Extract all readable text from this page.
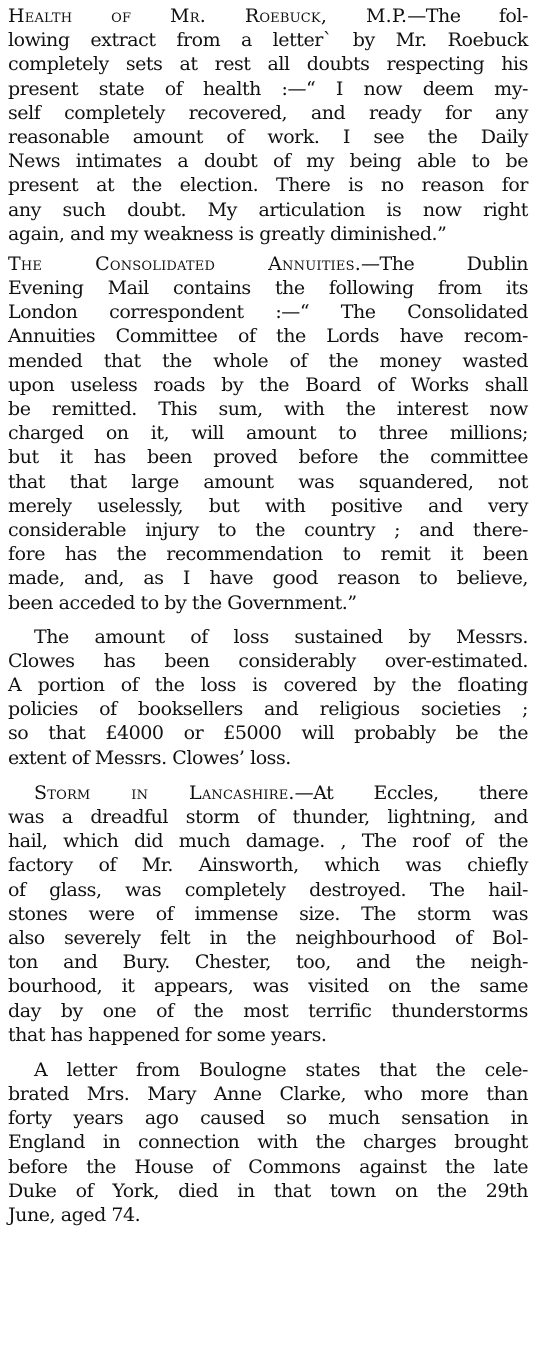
Health of Mr. Roebuck, M.P.—The fol-
lowing extract from a letter` by Mr. Roebuck
completely sets at rest all doubts respecting his
present state of health :—“ I now deem my-
self completely recovered, and ready for any
reasonable amount of work. I see the Daily
News intimates a doubt of my being able to be
present at the election. There is no reason for
any such doubt. My articulation is now right
again, and my weakness is greatly diminished.”
The Consolidated Annuities.—The Dublin
Evening Mail contains the following from its
London correspondent :—“ The Consolidated
Annuities Committee of the Lords have recom-
mended that the whole of the money wasted
upon useless roads by the Board of Works shall
be remitted. This sum, with the interest now
charged on it, will amount to three millions;
but it has been proved before the committee
that that large amount was squandered, not
merely uselessly, but with positive and very
considerable injury to the country ; and there-
fore has the recommendation to remit it been
made, and, as I have good reason to believe,
been acceded to by the Government.”
The amount of loss sustained by Messrs.
Clowes has been considerably over-estimated.
A portion of the loss is covered by the floating
policies of booksellers and religious societies ;
so that £4000 or £5000 will probably be the
extent of Messrs. Clowes’ loss.
Storm in Lancashire.—At Eccles, there
was a dreadful storm of thunder, lightning, and
hail, which did much damage. , The roof of the
factory of Mr. Ainsworth, which was chiefly
of glass, was completely destroyed. The hail-
stones were of immense size. The storm was
also severely felt in the neighbourhood of Bol-
ton and Bury. Chester, too, and the neigh-
bourhood, it appears, was visited on the same
day by one of the most terrific thunderstorms
that has happened for some years.
A letter from Boulogne states that the cele-
brated Mrs. Mary Anne Clarke, who more than
forty years ago caused so much sensation in
England in connection with the charges brought
before the House of Commons against the late
Duke of York, died in that town on the 29th
June, aged 74.
